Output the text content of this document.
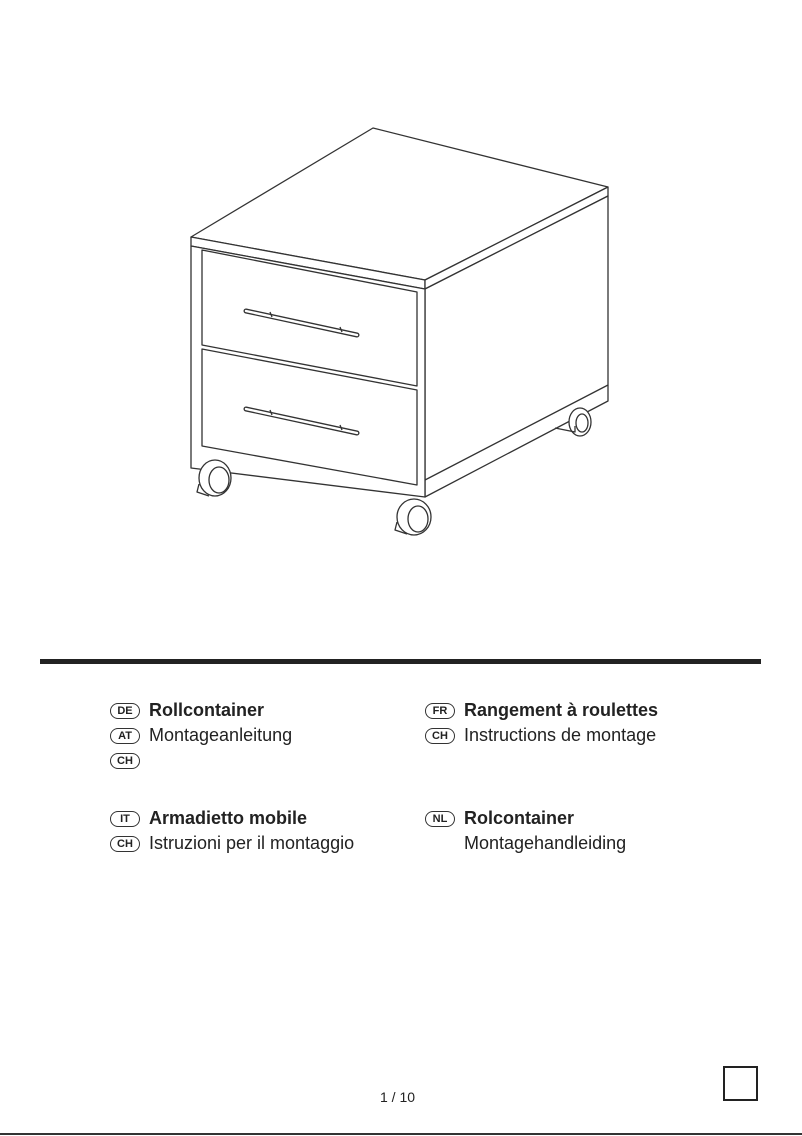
DE Rollcontainer
AT Montageanleitung
CH
FR Rangement à roulettes
CH Instructions de montage
IT	Armadietto mobile
CH Istruzioni per il montaggio
NL Rolcontainer
Montagehandleiding
1 / 10
